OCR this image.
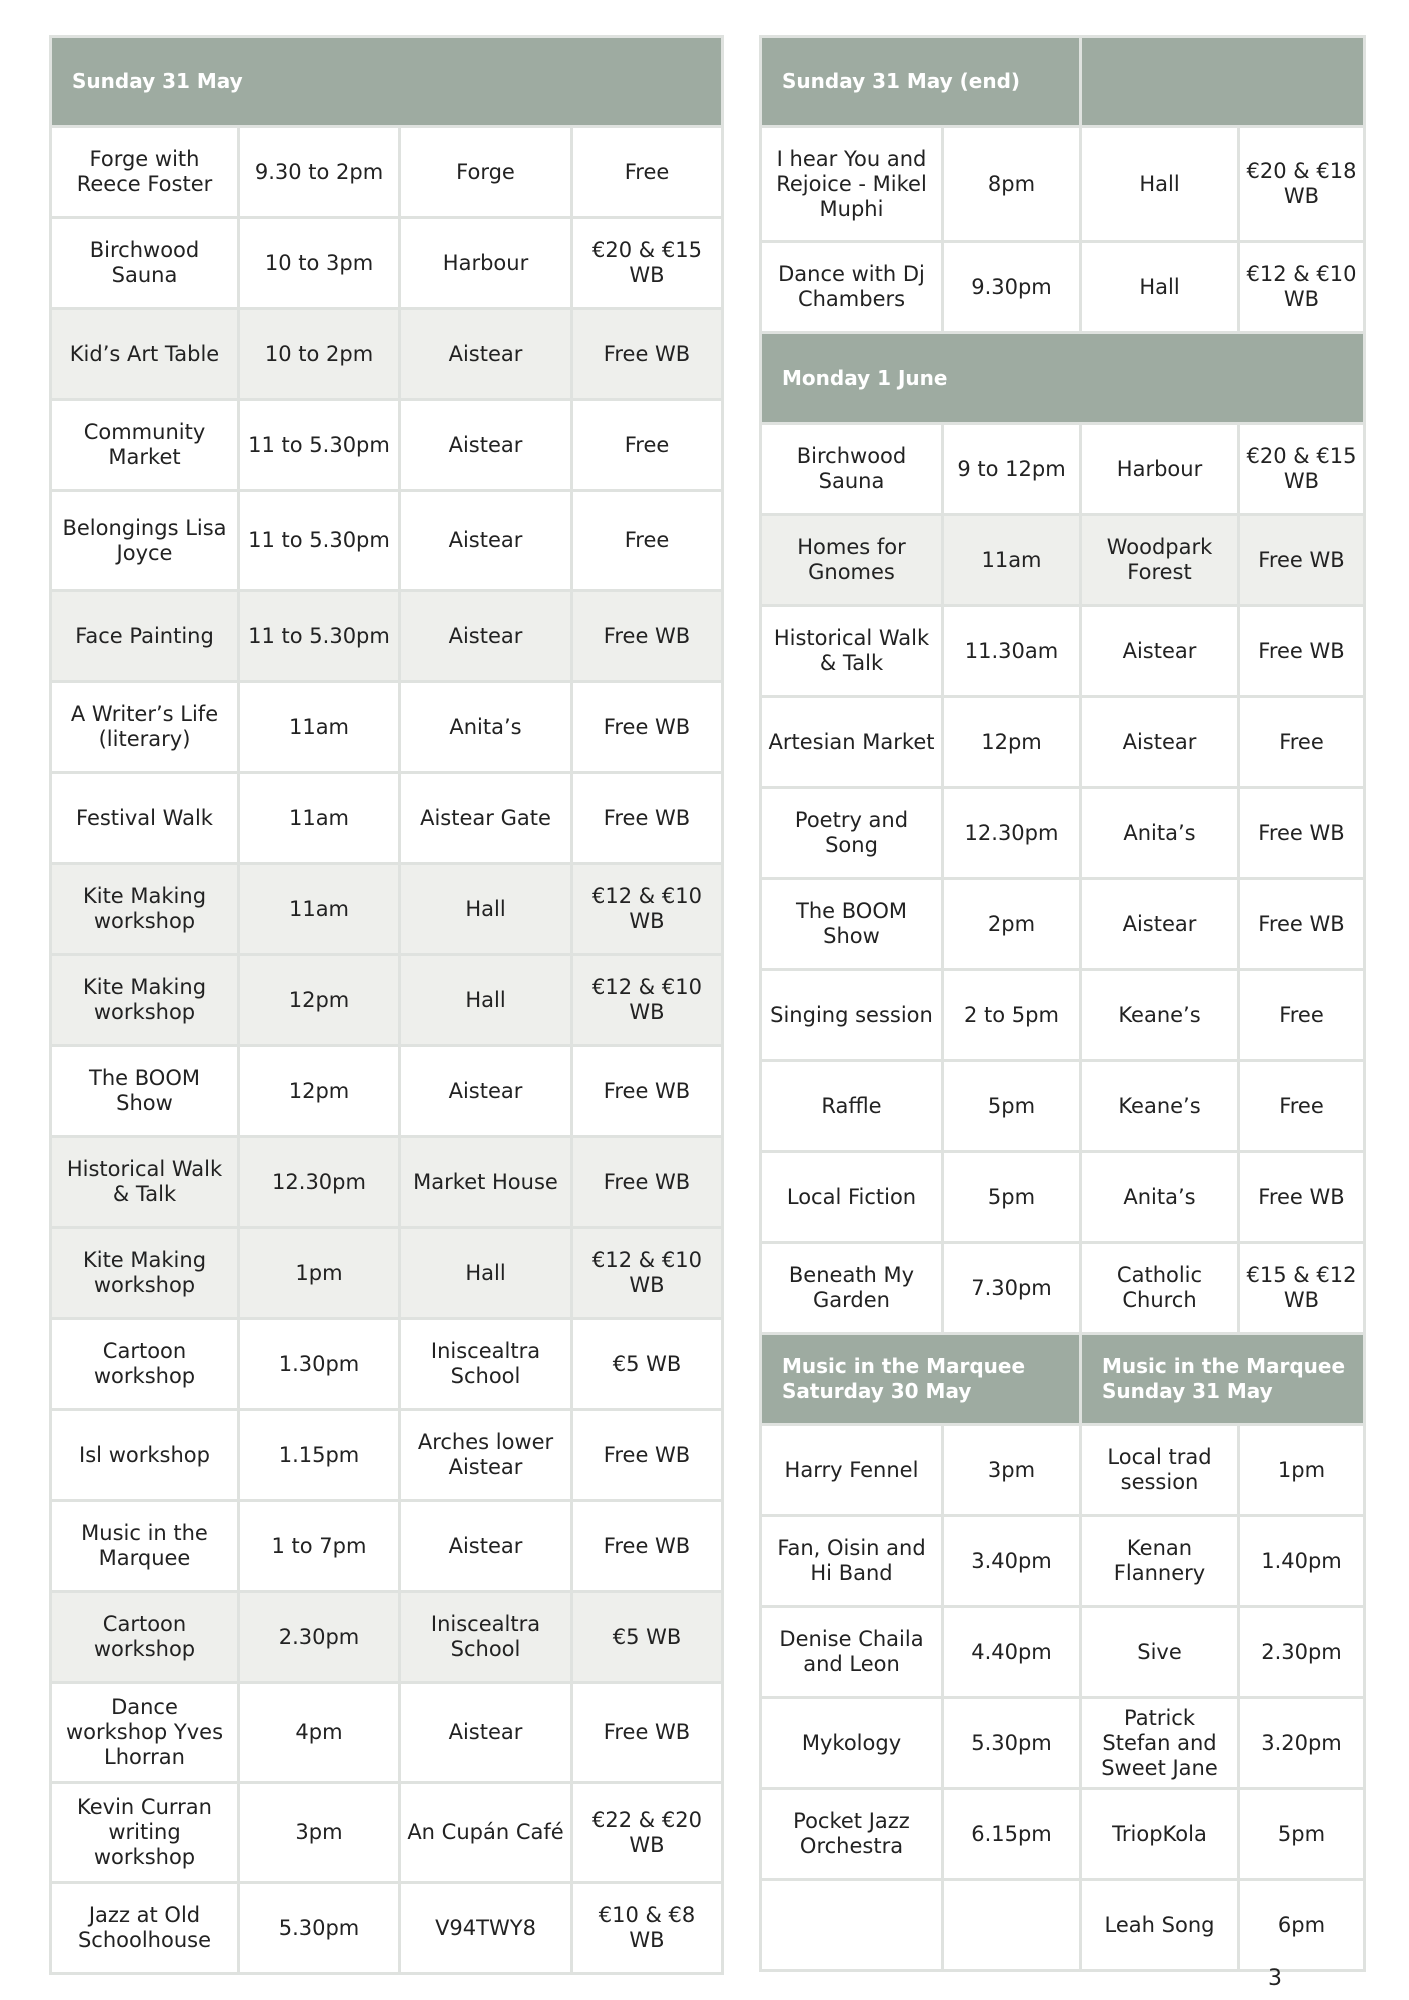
Sunday 31 May			
Forge with Reece Foster	9.30 to 2pm	Forge	Free
Birchwood Sauna	10 to 3pm	Harbour	€20 & €15 WB
Kid’s Art Table	10 to 2pm	Aistear	Free WB
Community Market	11 to 5.30pm	Aistear	Free
Belongings Lisa Joyce	11 to 5.30pm	Aistear	Free
Face Painting	11 to 5.30pm	Aistear	Free WB
A Writer’s Life (literary)	11am	Anita’s	Free WB
Festival Walk	11am	Aistear Gate	Free WB
Kite Making workshop	11am	Hall	€12 & €10 WB
Kite Making workshop	12pm	Hall	€12 & €10 WB
The BOOM Show	12pm	Aistear	Free WB
Historical Walk & Talk	12.30pm	Market House	Free WB
Kite Making workshop	1pm	Hall	€12 & €10 WB
Cartoon workshop	1.30pm	Iniscealtra School	€5 WB
Isl workshop	1.15pm	Arches lower Aistear	Free WB
Music in the Marquee	1 to 7pm	Aistear	Free WB
Cartoon workshop	2.30pm	Iniscealtra School	€5 WB
Dance workshop Yves Lhorran	4pm	Aistear	Free WB
Kevin Curran writing workshop	3pm	An Cupán Café	€22 & €20 WB
Jazz at Old Schoolhouse	5.30pm	V94TWY8	€10 & €8 WB
Sunday 31 May (end)			
I hear You and Rejoice - Mikel Muphi	8pm	Hall	€20 & €18 WB
Dance with Dj Chambers	9.30pm	Hall	€12 & €10 WB
Monday 1 June			
Birchwood Sauna	9 to 12pm	Harbour	€20 & €15 WB
Homes for Gnomes	11am	Woodpark Forest	Free WB
Historical Walk & Talk	11.30am	Aistear	Free WB
Artesian Market	12pm	Aistear	Free
Poetry and Song	12.30pm	Anita’s	Free WB
The BOOM Show	2pm	Aistear	Free WB
Singing session	2 to 5pm	Keane’s	Free
Raffle	5pm	Keane’s	Free
Local Fiction	5pm	Anita’s	Free WB
Beneath My Garden	7.30pm	Catholic Church	€15 & €12 WB
Music in the Marquee Saturday 30 May		Music in the Marquee Sunday 31 May	
Harry Fennel	3pm	Local trad session	1pm
Fan, Oisin and Hi Band	3.40pm	Kenan Flannery	1.40pm
Denise Chaila and Leon	4.40pm	Sive	2.30pm
Mykology	5.30pm	Patrick Stefan and Sweet Jane	3.20pm
Pocket Jazz Orchestra	6.15pm	TriopKola	5pm
		Leah Song	6pm
3
